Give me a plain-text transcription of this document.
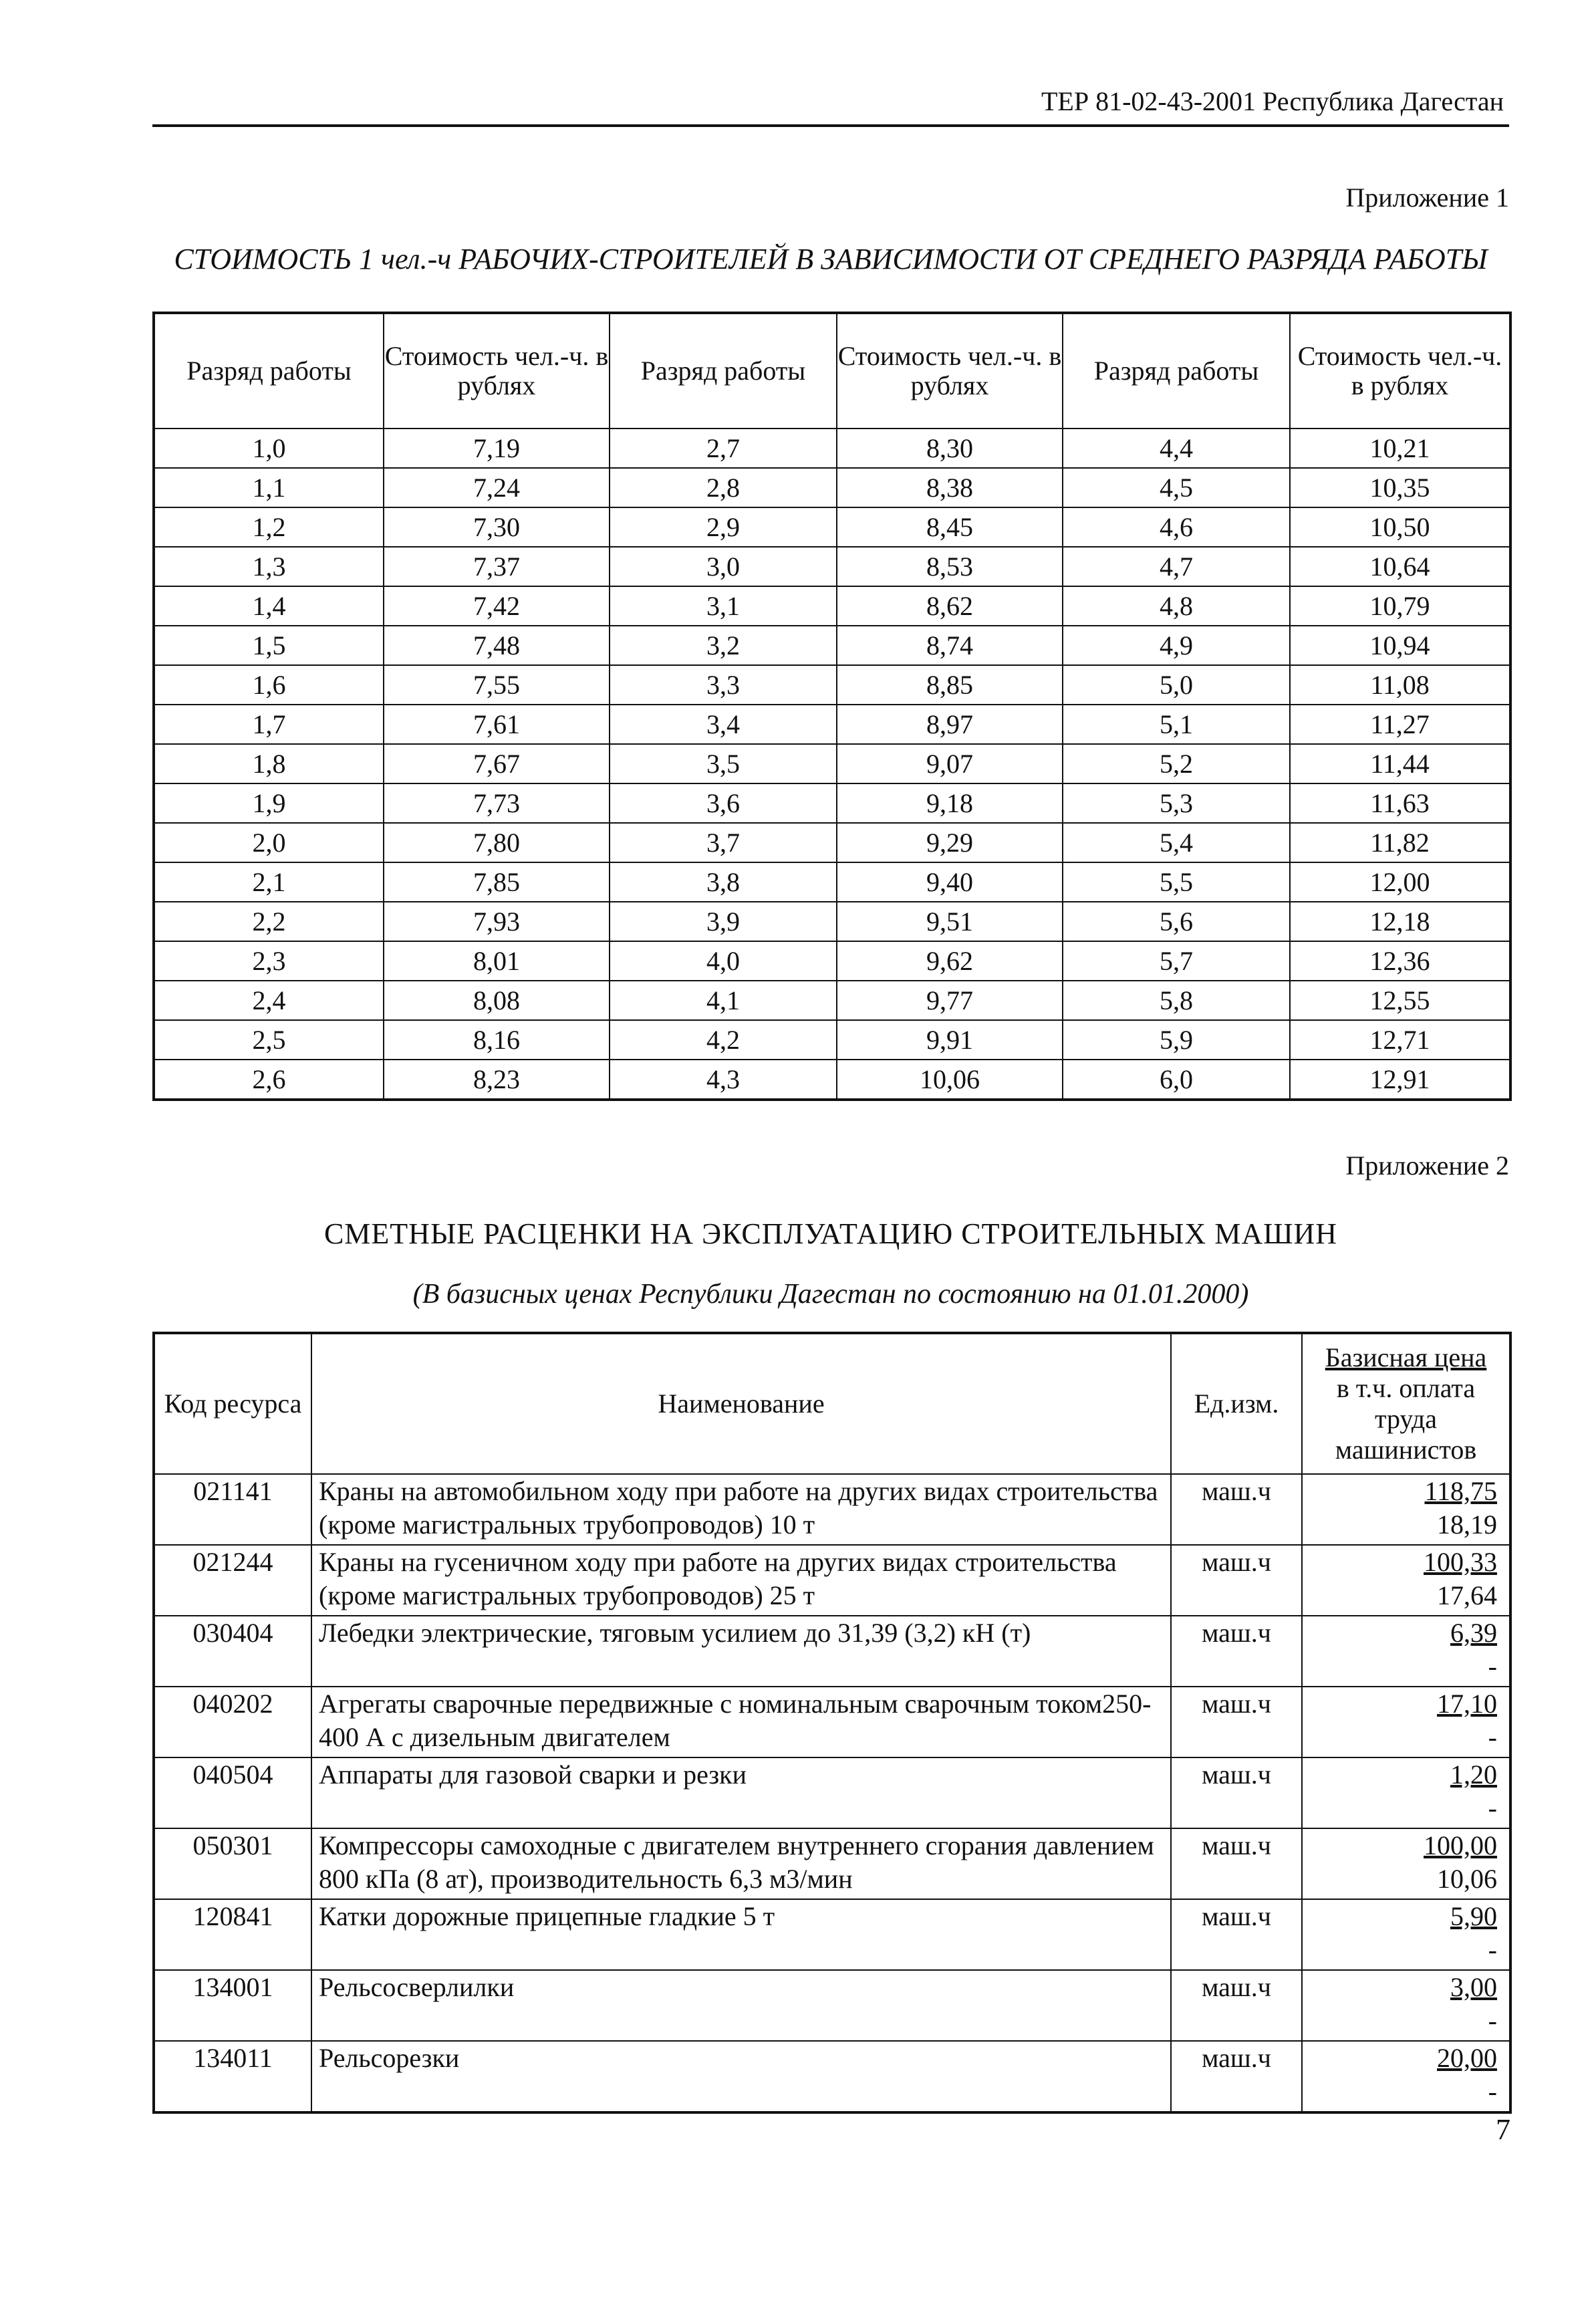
ТЕР 81-02-43-2001 Республика Дагестан
Приложение 1
СТОИМОСТЬ 1 чел.-ч РАБОЧИХ-СТРОИТЕЛЕЙ В ЗАВИСИМОСТИ ОТ СРЕДНЕГО РАЗРЯДА РАБОТЫ
Разряд работы	Стоимость чел.-ч. в рублях	Разряд работы	Стоимость чел.-ч. в рублях	Разряд работы	Стоимость чел.-ч. в рублях
1,0	7,19	2,7	8,30	4,4	10,21
1,1	7,24	2,8	8,38	4,5	10,35
1,2	7,30	2,9	8,45	4,6	10,50
1,3	7,37	3,0	8,53	4,7	10,64
1,4	7,42	3,1	8,62	4,8	10,79
1,5	7,48	3,2	8,74	4,9	10,94
1,6	7,55	3,3	8,85	5,0	11,08
1,7	7,61	3,4	8,97	5,1	11,27
1,8	7,67	3,5	9,07	5,2	11,44
1,9	7,73	3,6	9,18	5,3	11,63
2,0	7,80	3,7	9,29	5,4	11,82
2,1	7,85	3,8	9,40	5,5	12,00
2,2	7,93	3,9	9,51	5,6	12,18
2,3	8,01	4,0	9,62	5,7	12,36
2,4	8,08	4,1	9,77	5,8	12,55
2,5	8,16	4,2	9,91	5,9	12,71
2,6	8,23	4,3	10,06	6,0	12,91
Приложение 2
СМЕТНЫЕ РАСЦЕНКИ НА ЭКСПЛУАТАЦИЮ СТРОИТЕЛЬНЫХ МАШИН
(В базисных ценах Республики Дагестан по состоянию на 01.01.2000)
Код ресурса	Наименование	Ед.изм.	Базисная цена
в т.ч. оплата труда машинистов
021141	Краны на автомобильном ходу при работе на других видах строительства (кроме магистральных трубопроводов) 10 т	маш.ч	118,75
18,19

021244	Краны на гусеничном ходу при работе на других видах строительства (кроме магистральных трубопроводов) 25 т	маш.ч	100,33
17,64

030404	Лебедки электрические, тяговым усилием до 31,39 (3,2) кН (т)	маш.ч	6,39
-

040202	Агрегаты сварочные передвижные с номинальным сварочным током250-400 А с дизельным двигателем	маш.ч	17,10
-

040504	Аппараты для газовой сварки и резки	маш.ч	1,20
-

050301	Компрессоры самоходные с двигателем внутреннего сгорания давлением 800 кПа (8 ат), производительность 6,3 м3/мин	маш.ч	100,00
10,06

120841	Катки дорожные прицепные гладкие 5 т	маш.ч	5,90
-

134001	Рельсосверлилки	маш.ч	3,00
-

134011	Рельсорезки	маш.ч	20,00
-
7
